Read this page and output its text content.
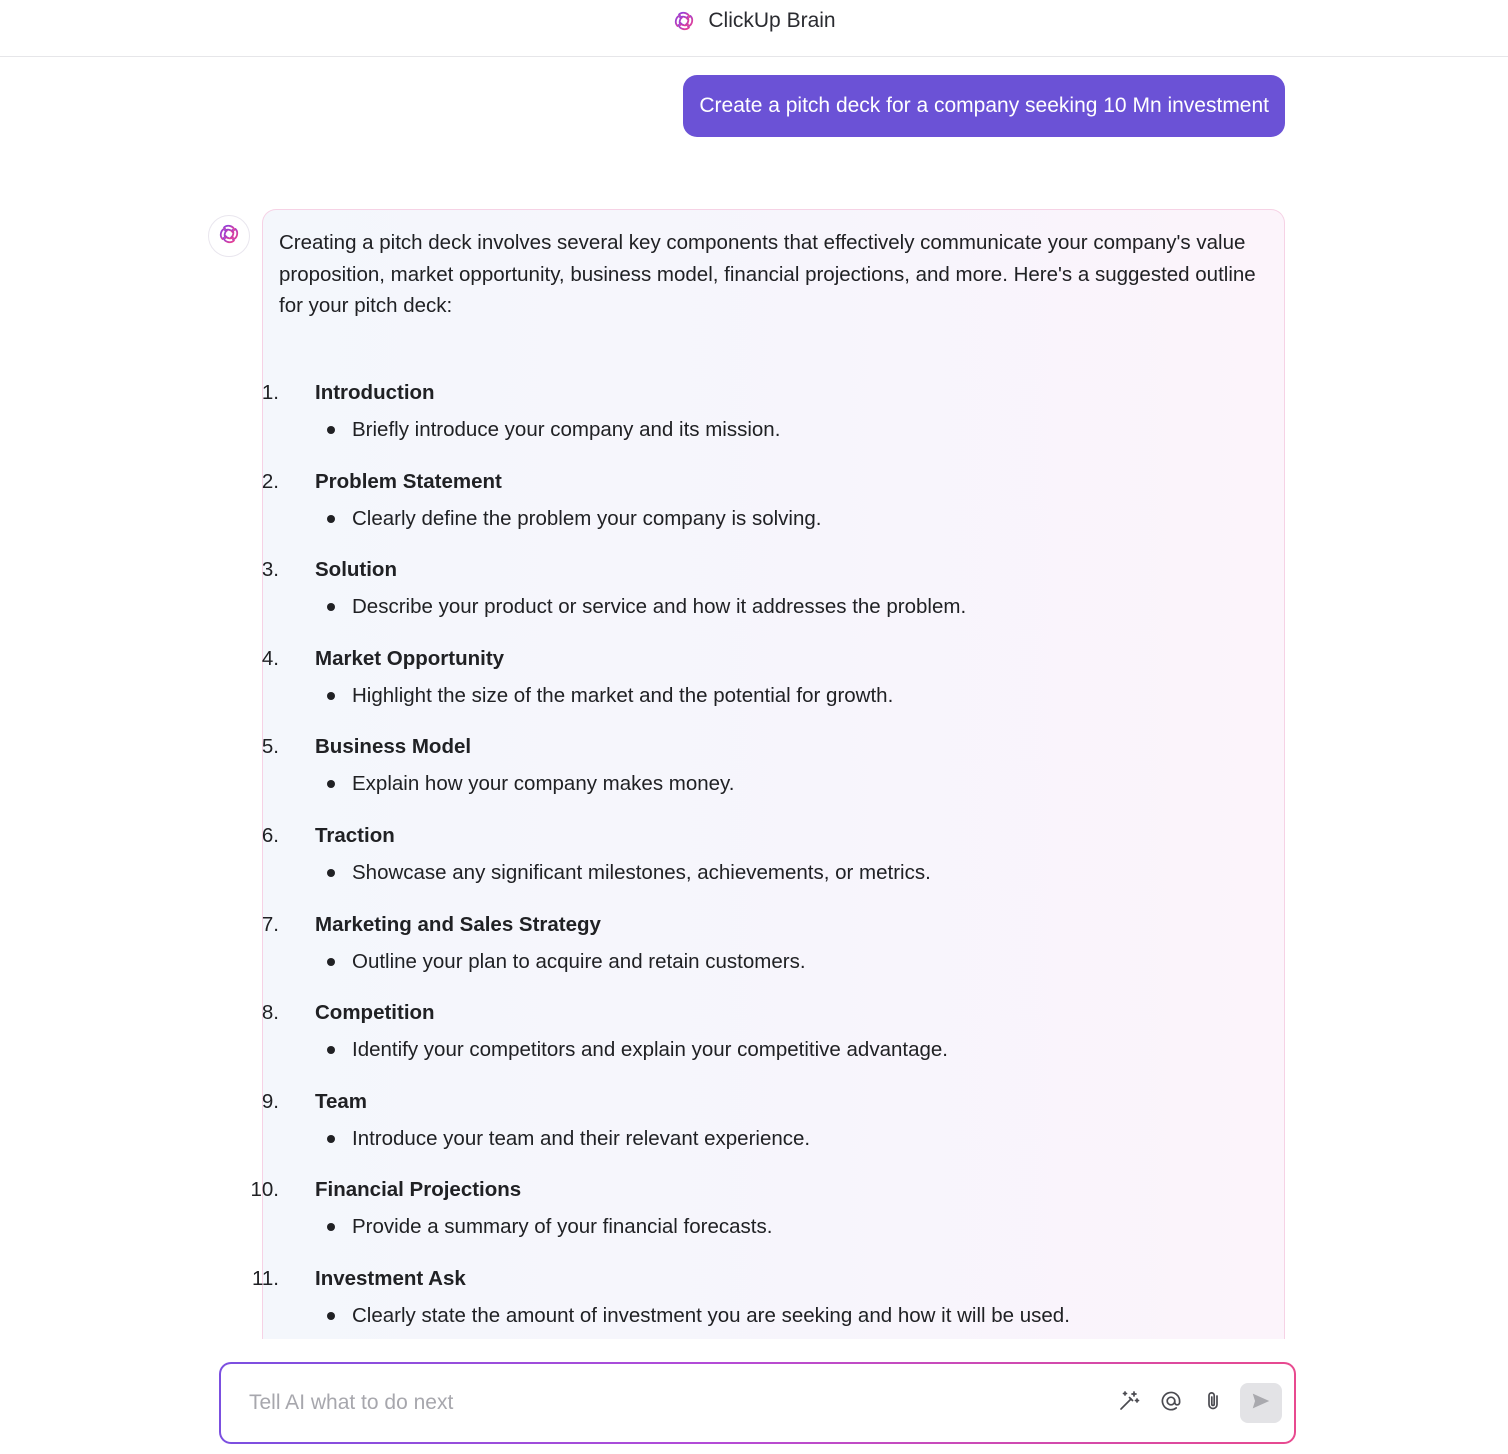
ClickUp Brain
Create a pitch deck for a company seeking 10 Mn investment
Creating a pitch deck involves several key components that effectively communicate your company's value proposition, market opportunity, business model, financial projections, and more. Here's a suggested outline for your pitch deck:
1. Introduction
Briefly introduce your company and its mission.
2. Problem Statement
Clearly define the problem your company is solving.
3. Solution
Describe your product or service and how it addresses the problem.
4. Market Opportunity
Highlight the size of the market and the potential for growth.
5. Business Model
Explain how your company makes money.
6. Traction
Showcase any significant milestones, achievements, or metrics.
7. Marketing and Sales Strategy
Outline your plan to acquire and retain customers.
8. Competition
Identify your competitors and explain your competitive advantage.
9. Team
Introduce your team and their relevant experience.
10. Financial Projections
Provide a summary of your financial forecasts.
11. Investment Ask
Clearly state the amount of investment you are seeking and how it will be used.
Tell AI what to do next
